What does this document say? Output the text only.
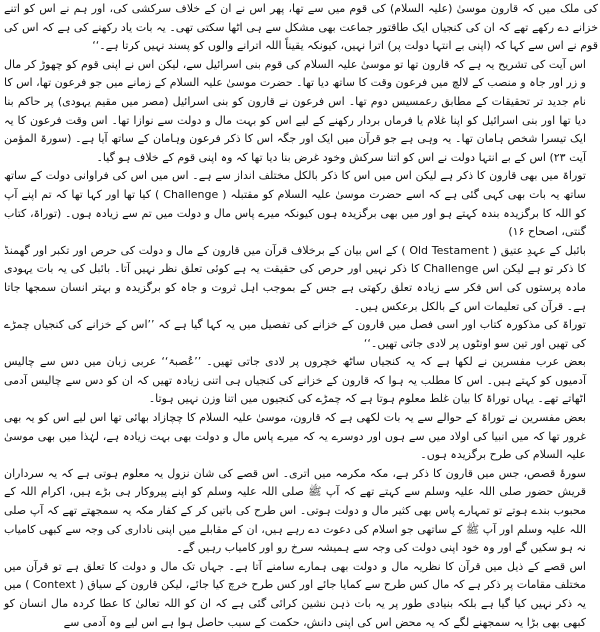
کی ملک میں کہ قارون موسیٰ (علیہ السلام) کی قوم میں سے تھا، پھر اس نے ان کے خلاف سرکشی کی، اور ہم نے اس کو اتنے خزانے دے رکھے تھے کہ ان کی کنجیاں ایک طاقتور جماعت بھی مشکل سے ہی اٹھا سکتی تھی۔ یہ بات یاد رکھنے کی ہے کہ اس کی قوم نے اس سے کہا کہ (اپنی بے انتہا دولت پر) اترا نہیں، کیونکہ یقیناً اللہ اترانے والوں کو پسند نہیں کرتا ہے۔‘‘

اس آیت کی تشریح یہ ہے کہ قارون تھا تو موسیٰ علیہ السلام کی قوم بنی اسرائیل سے، لیکن اس نے اپنی قوم کو چھوڑ کر مال و زر اور جاہ و منصب کے لالچ میں فرعون وقت کا ساتھ دیا تھا۔ حضرت موسیٰ علیہ السلام کے زمانے میں جو فرعون تھا، اس کا نام جدید تر تحقیقات کے مطابق رعمسیس دوم تھا۔ اس فرعون نے قارون کو بنی اسرائیل (مصر میں مقیم یہودی) پر حاکم بنا دیا تھا اور بنی اسرائیل کو اپنا غلام یا فرماں بردار رکھنے کے لیے اس کو بہت مال و دولت سے نوازا تھا۔ اس وقت فرعون کا یہ ایک تیسرا شخص ہامان تھا۔ یہ وہی ہے جو قرآن میں ایک اور جگہ اس کا ذکر فرعون وہامان کے ساتھ آیا ہے۔ (سورۃ المؤمن آیت ۲۳) اس کے بے انتہا دولت نے اس کو اتنا سرکش وخود غرض بنا دیا تھا کہ وہ اپنی قوم کے خلاف ہو گیا۔

توراۃ میں بھی قارون کا ذکر ہے لیکن اس میں اس کا ذکر بالکل مختلف انداز سے ہے۔ اس میں اس کی فراوانی دولت کے ساتھ ساتھ یہ بات بھی کہی گئی ہے کہ اسے حضرت موسیٰ علیہ السلام کو مقتبلہ ( Challenge ) کیا تھا اور کہا تھا کہ تم اپنے آپ کو اللہ کا برگزیدہ بندہ کہتے ہو اور میں بھی برگزیدہ ہوں کیونکہ میرے پاس مال و دولت میں تم سے زیادہ ہوں۔ (توراۃ، کتاب گنتی، اصحاح ۱۶)

بائبل کے عہدِ عتیق ( Old Testament ) کے اس بیان کے برخلاف قرآن میں قارون کے مال و دولت کی حرص اور تکبر اور گھمنڈ کا ذکر تو ہے لیکن اس Challenge کا ذکر نہیں اور حرص کی حقیقت یہ ہے کوئی تعلق نظر نہیں آتا۔ بائبل کی یہ بات یہودی مادہ پرستوں کی اس فکر سے زیادہ تعلق رکھتی ہے جس کے بموجب اہل ثروت و جاہ کو برگزیدہ و بہتر انسان سمجھا جاتا ہے۔ قرآن کی تعلیمات اس کے بالکل برعکس ہیں۔

توراۃ کی مذکورہ کتاب اور اسی فصل میں قارون کے خزانے کی تفصیل میں یہ کہا گیا ہے کہ ’’اس کے خزانے کی کنجیاں چمڑے کی تھیں اور تین سو اونٹوں پر لادی جاتی تھیں۔‘‘

بعض عرب مفسرین نے لکھا ہے کہ یہ کنجیاں ساٹھ خچروں پر لادی جاتی تھیں۔ ’’عُصبۃ‘‘ عربی زبان میں دس سے چالیس آدمیوں کو کہتے ہیں۔ اس کا مطلب یہ ہوا کہ قارون کے خزانے کی کنجیاں ہی اتنی زیادہ تھیں کہ ان کو دس سے چالیس آدمی اٹھاتے تھے۔ یہاں توراۃ کا بیان غلط معلوم ہوتا ہے کہ چمڑے کی کنجیوں میں اتنا وزن نہیں ہوتا۔

بعض مفسرین نے توراۃ کے حوالے سے یہ بات لکھی ہے کہ قارون، موسیٰ علیہ السلام کا چچازاد بھائی تھا اس لیے اس کو یہ بھی غرور تھا کہ میں انبیا کی اولاد میں سے ہوں اور دوسرے یہ کہ میرے پاس مال و دولت بھی بہت زیادہ ہے، لہٰذا میں بھی موسیٰ علیہ السلام کی طرح برگزیدہ ہوں۔

سورۂ قصص، جس میں قارون کا ذکر ہے، مکہ مکرمہ میں اتری۔ اس قصے کی شان نزول یہ معلوم ہوتی ہے کہ یہ سرداران قریش حضور صلی اللہ علیہ وسلم سے کہتے تھے کہ آپ ﷺ صلی اللہ علیہ وسلم کو اپنے پیروکار ہی بڑے ہیں، اکرام اللہ کے محبوب بندے ہوتے تو تمہارے پاس بھی کثیر مال و دولت ہوتی۔ اس طرح کی باتیں کر کے کفار مکہ یہ سمجھتے تھے کہ آپ صلی اللہ علیہ وسلم اور آپ ﷺ کے ساتھی جو اسلام کی دعوت دے رہے ہیں، ان کے مقابلے میں اپنی ناداری کی وجہ سے کبھی کامیاب نہ ہو سکیں گے اور وہ خود اپنی دولت کی وجہ سے ہمیشہ سرخ رو اور کامیاب رہیں گے۔

اس قصے کے ذیل میں قرآن کا نظریہ مال و دولت بھی ہمارے سامنے آتا ہے۔ جہاں تک مال و دولت کا تعلق ہے تو قرآن میں مختلف مقامات پر ذکر ہے کہ مال کس طرح سے کمایا جائے اور کس طرح خرچ کیا جائے، لیکن قارون کے سیاق ( Context ) میں یہ ذکر نہیں کیا گیا ہے بلکہ بنیادی طور پر یہ بات ذہن نشین کرائی گئی ہے کہ ان کو اللہ تعالیٰ کا عطا کردہ مال انسان کو کبھی بھی بڑا یہ سمجھنے لگے کہ یہ محض اس کی اپنی دانش، حکمت کے سبب حاصل ہوا ہے اس لیے وہ آدمی سے
